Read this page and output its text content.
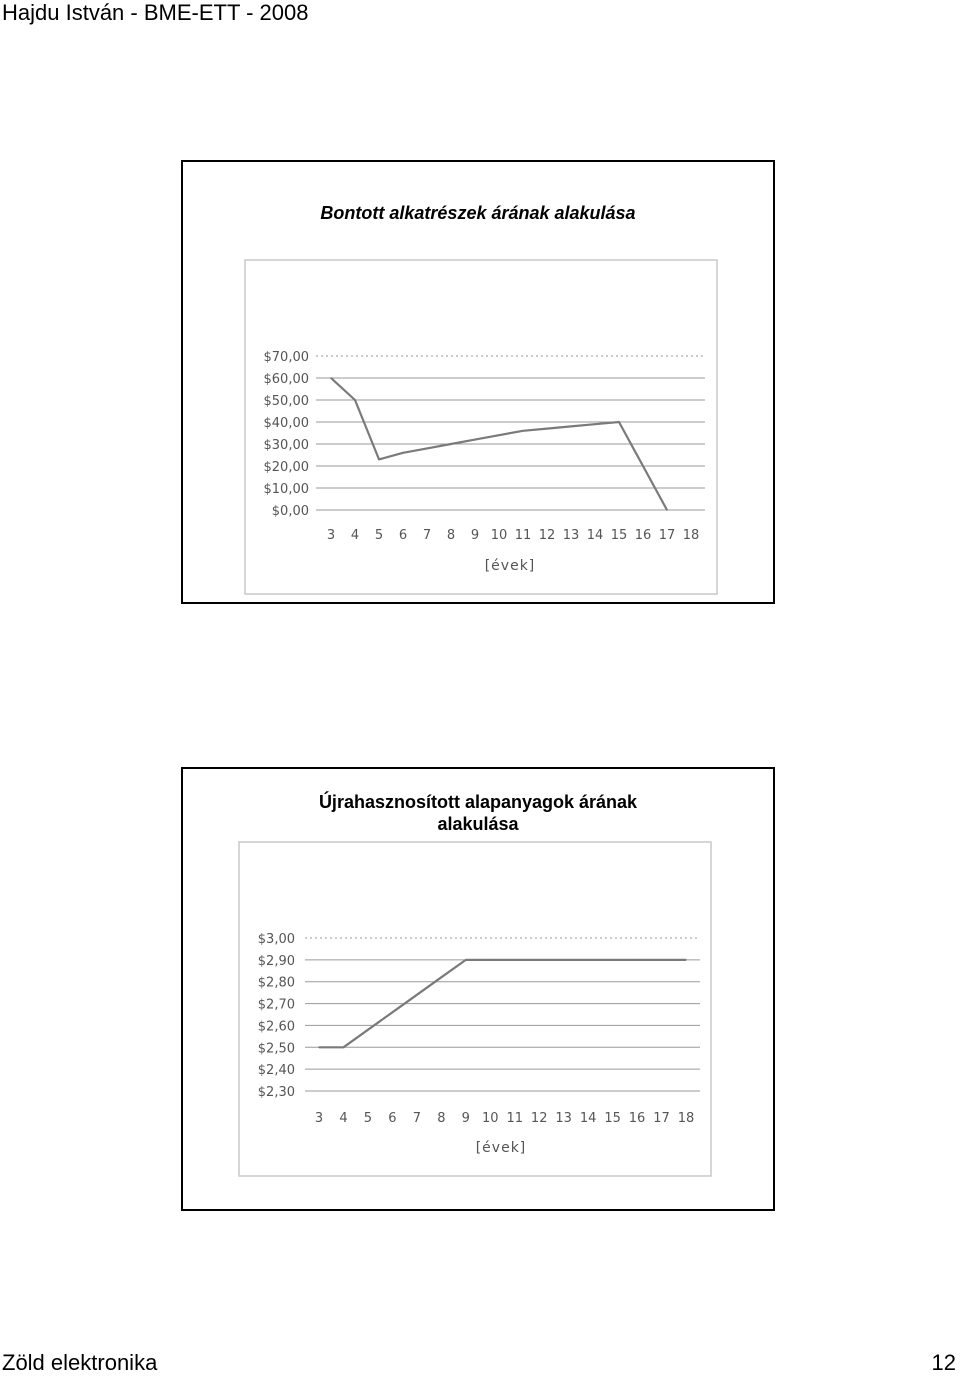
Hajdu István - BME-ETT - 2008
Bontott alkatrészek árának alakulása
$0,00
$10,00
$20,00
$30,00
$40,00
$50,00
$60,00
$70,00
3 4 5 6 7 8 9 10 11 12 13 14 15 16 17 18
[évek]
Újrahasznosított alapanyagok árának
alakulása
$2,30
$2,40
$2,50
$2,60
$2,70
$2,80
$2,90
$3,00
3 4 5 6 7 8 9 10 11 12 13 14 15 16 17 18
[évek]
Zöld elektronika	12
